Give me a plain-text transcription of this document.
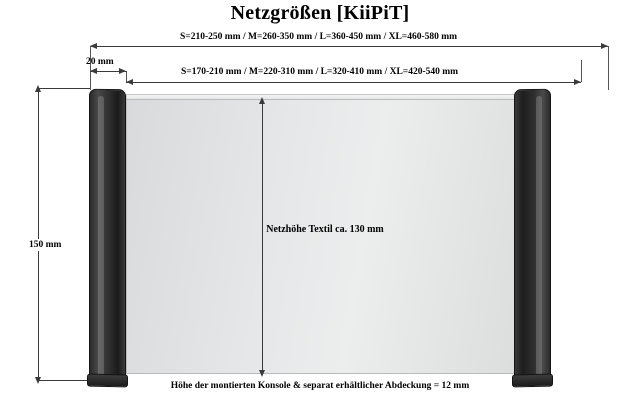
Netzgrößen [KiiPiT]
S=210-250 mm / M=260-350 mm / L=360-450 mm / XL=460-580 mm
20 mm
S=170-210 mm / M=220-310 mm / L=320-410 mm / XL=420-540 mm
150 mm
Netzhöhe Textil ca. 130 mm
Höhe der montierten Konsole & separat erhältlicher Abdeckung = 12 mm
